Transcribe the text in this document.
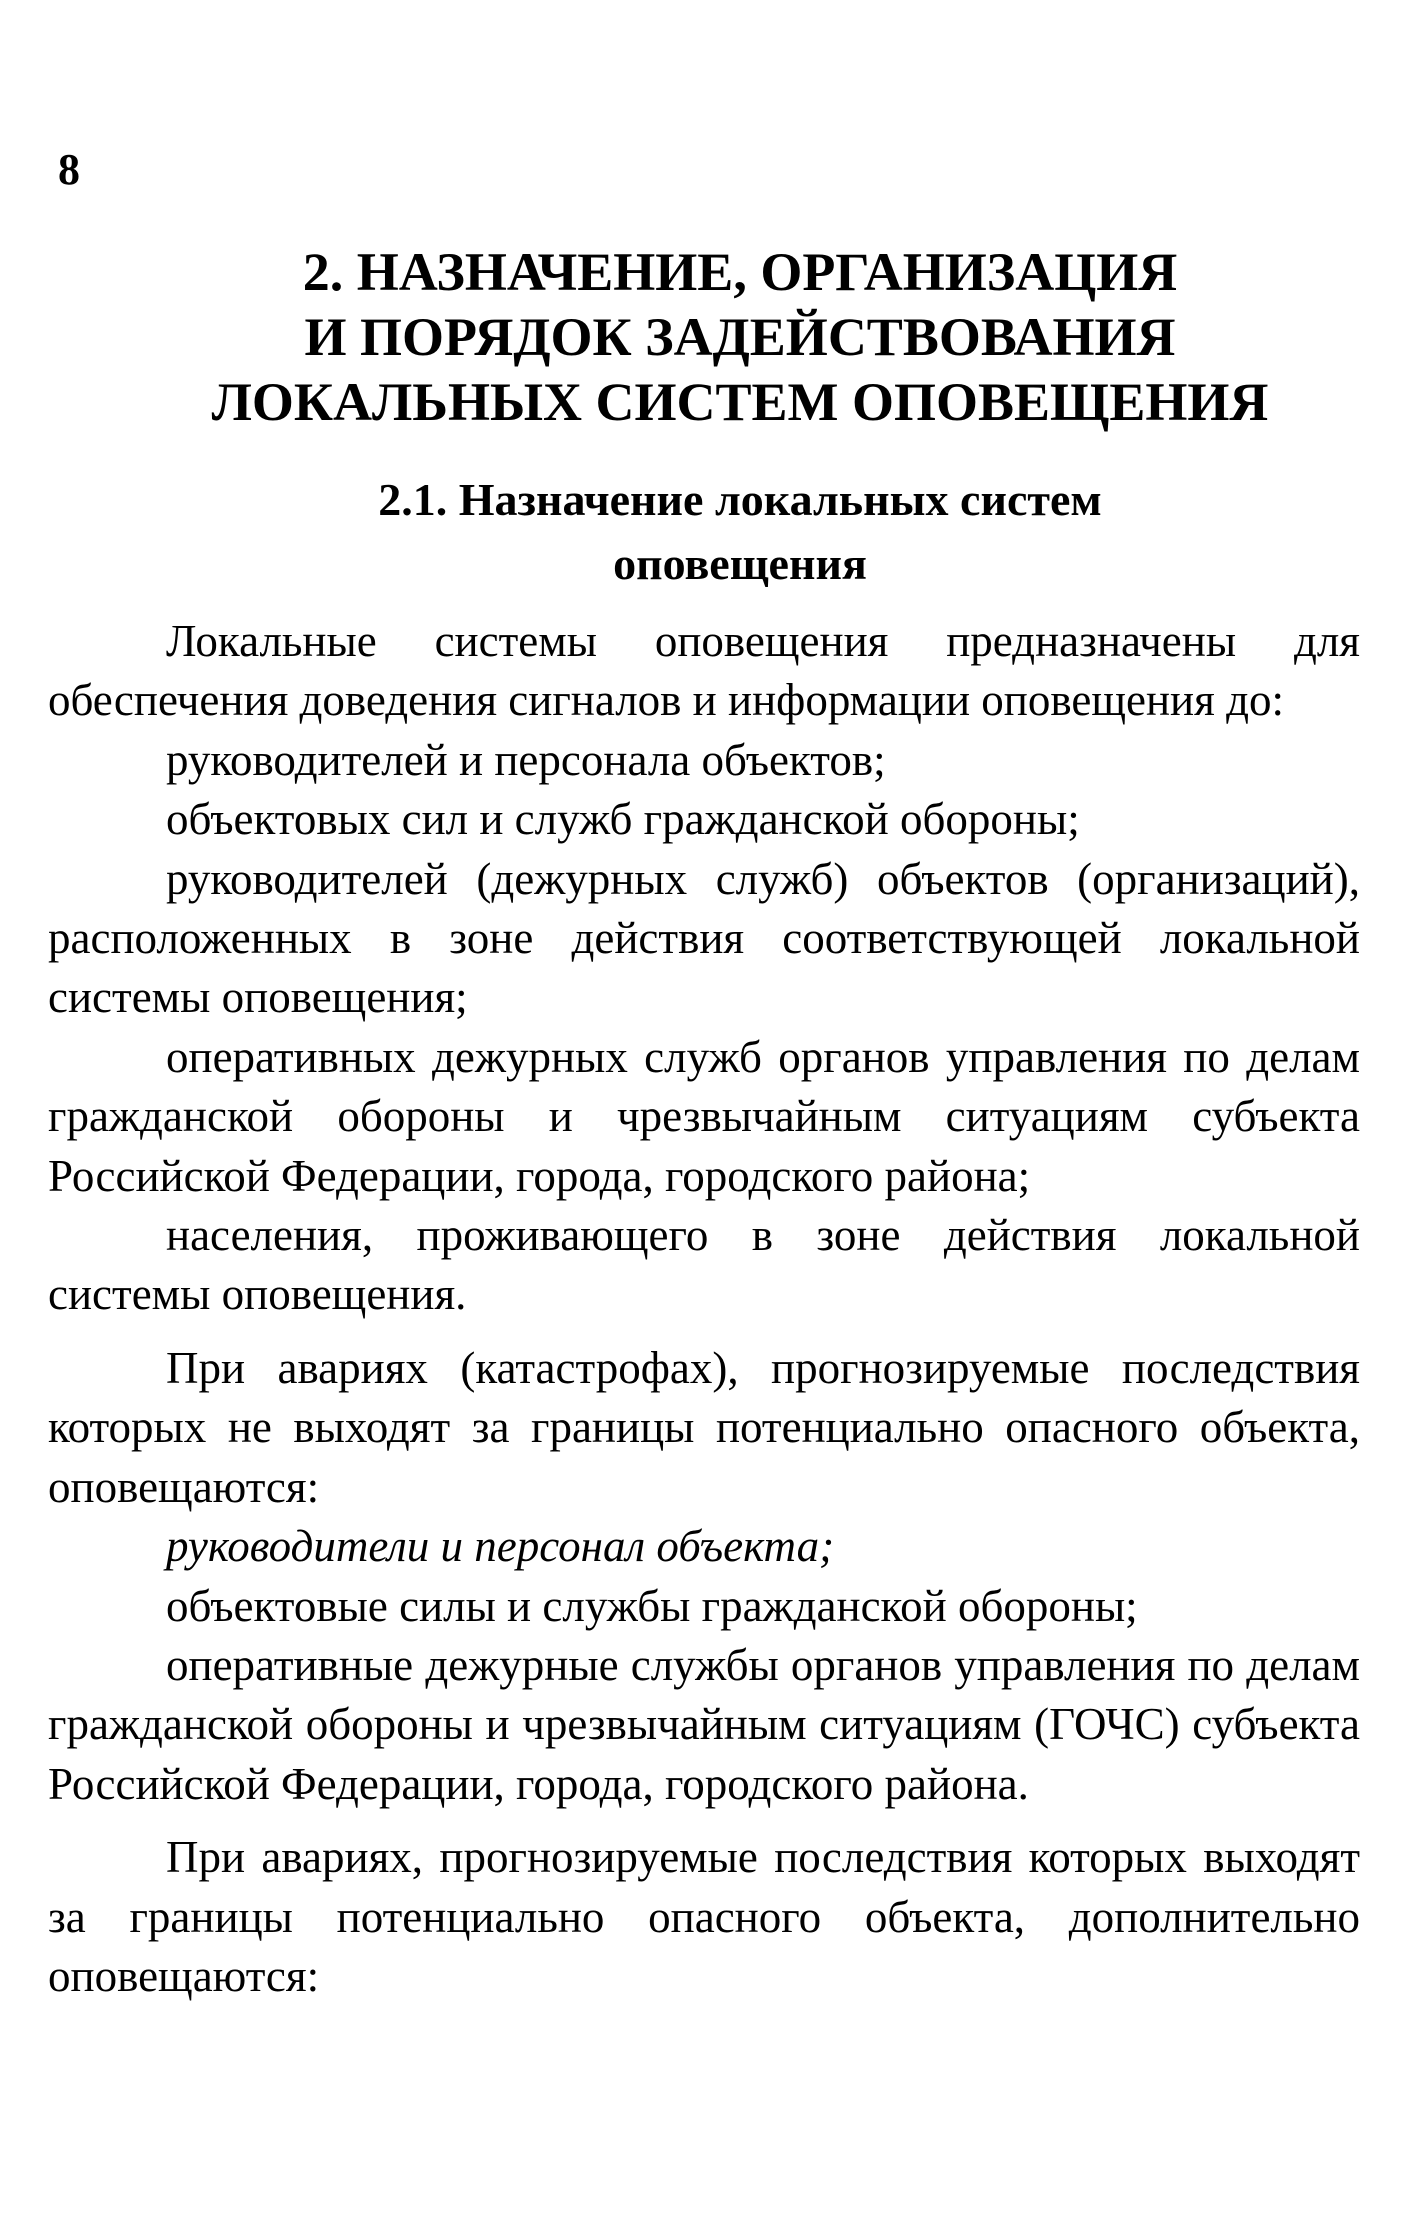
8
2. НАЗНАЧЕНИЕ, ОРГАНИЗАЦИЯ
И ПОРЯДОК ЗАДЕЙСТВОВАНИЯ
ЛОКАЛЬНЫХ СИСТЕМ ОПОВЕЩЕНИЯ
2.1. Назначение локальных систем
оповещения

Локальные системы оповещения предназначены для обеспечения доведения сигналов и информации оповещения до:

руководителей и персонала объектов;

объектовых сил и служб гражданской обороны;

руководителей (дежурных служб) объектов (организаций), расположенных в зоне действия соответствующей локальной системы оповещения;

оперативных дежурных служб органов управления по делам гражданской обороны и чрезвычайным ситуациям субъекта Российской Федерации, города, городского района;

населения, проживающего в зоне действия локальной системы оповещения.

При авариях (катастрофах), прогнозируемые последствия которых не выходят за границы потенциально опасного объекта, оповещаются:

руководители и персонал объекта;

объектовые силы и службы гражданской обороны;

оперативные дежурные службы органов управления по делам гражданской обороны и чрезвычайным ситуациям (ГОЧС) субъекта Российской Федерации, города, городского района.

При авариях, прогнозируемые последствия которых выходят за границы потенциально опасного объекта, дополнительно оповещаются:
